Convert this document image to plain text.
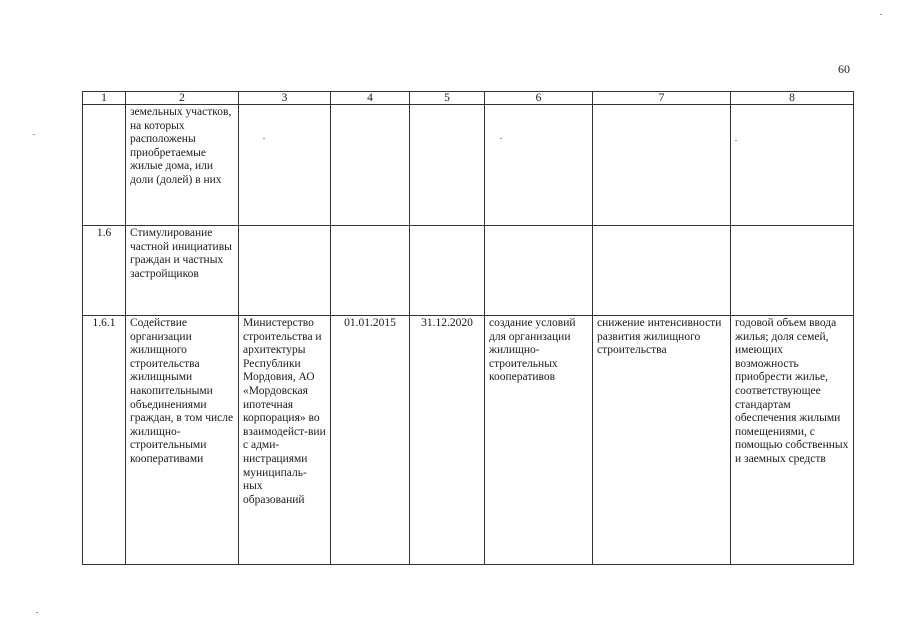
60
1	2	3	4	5	6	7	8
	земельных участков, на которых расположены приобретаемые жилые дома, или доли (долей) в них						
1.6	Стимулирование частной инициативы граждан и частных застройщиков						
1.6.1	Содействие организации жилищного строительства жилищными накопительными объединениями граждан, в том числе жилищно-строительными кооперативами	Министерство строительства и архитектуры Республики Мордовия, АО «Мордовская ипотечная корпорация» во взаимодейст-вии с адми-нистрациями муниципаль-ных образований	01.01.2015	31.12.2020	создание условий для организации жилищно-строительных кооперативов	снижение интенсивности развития жилищного строительства	годовой объем ввода жилья; доля семей, имеющих возможность приобрести жилье, соответствующее стандартам обеспечения жилыми помещениями, с помощью собственных и заемных средств
